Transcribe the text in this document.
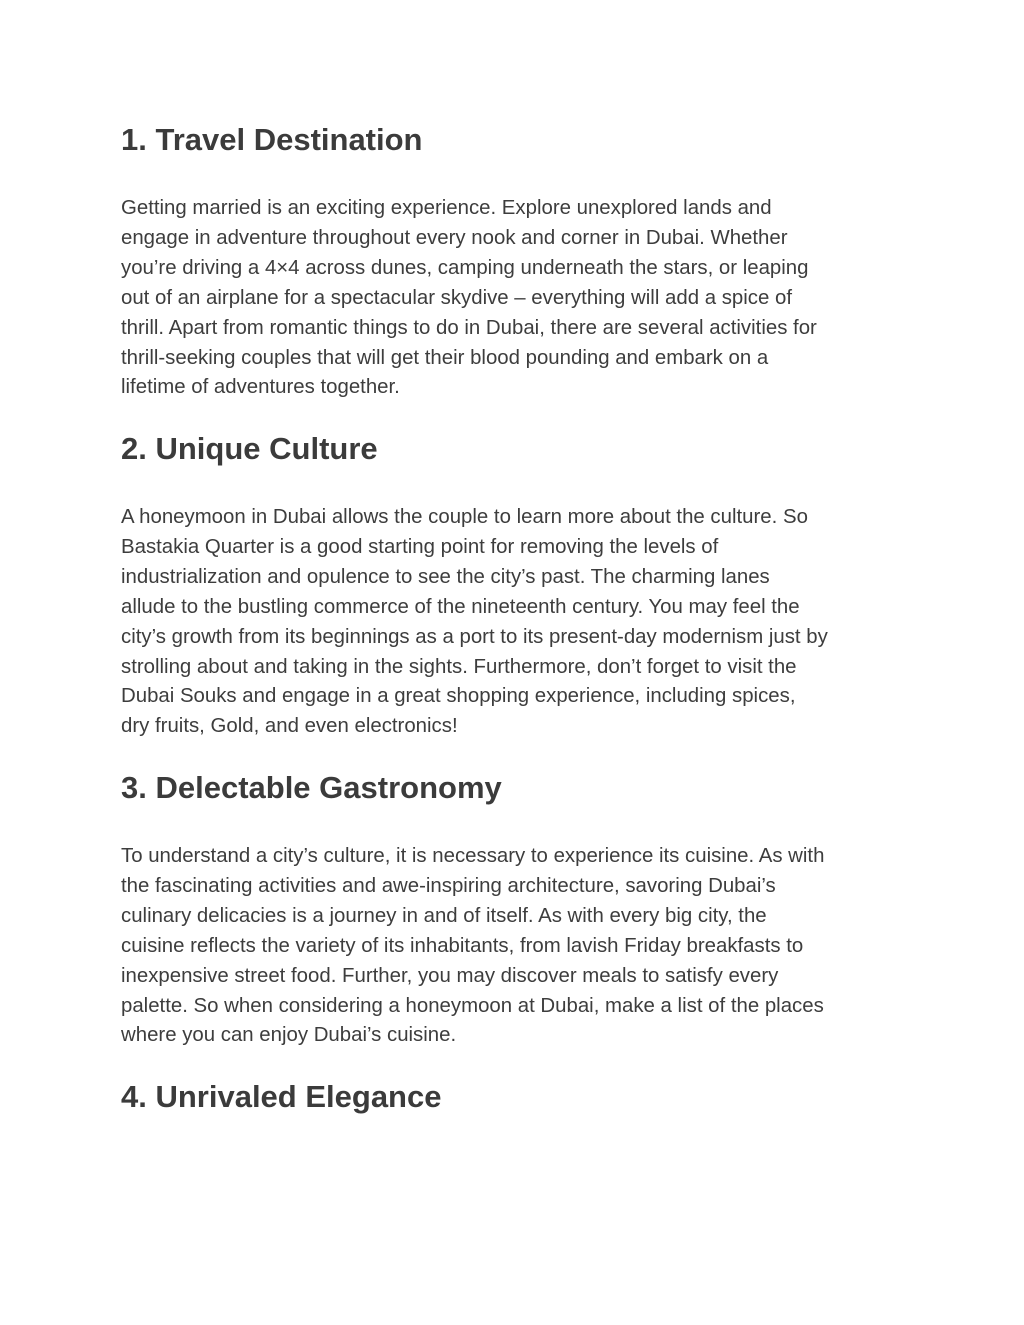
1. Travel Destination

Getting married is an exciting experience. Explore unexplored lands and
engage in adventure throughout every nook and corner in Dubai. Whether
you’re driving a 4×4 across dunes, camping underneath the stars, or leaping
out of an airplane for a spectacular skydive – everything will add a spice of
thrill. Apart from romantic things to do in Dubai, there are several activities for
thrill-seeking couples that will get their blood pounding and embark on a
lifetime of adventures together.

2. Unique Culture

A honeymoon in Dubai allows the couple to learn more about the culture. So
Bastakia Quarter is a good starting point for removing the levels of
industrialization and opulence to see the city’s past. The charming lanes
allude to the bustling commerce of the nineteenth century. You may feel the
city’s growth from its beginnings as a port to its present-day modernism just by
strolling about and taking in the sights. Furthermore, don’t forget to visit the
Dubai Souks and engage in a great shopping experience, including spices,
dry fruits, Gold, and even electronics!

3. Delectable Gastronomy

To understand a city’s culture, it is necessary to experience its cuisine. As with
the fascinating activities and awe-inspiring architecture, savoring Dubai’s
culinary delicacies is a journey in and of itself. As with every big city, the
cuisine reflects the variety of its inhabitants, from lavish Friday breakfasts to
inexpensive street food. Further, you may discover meals to satisfy every
palette. So when considering a honeymoon at Dubai, make a list of the places
where you can enjoy Dubai’s cuisine.

4. Unrivaled Elegance
